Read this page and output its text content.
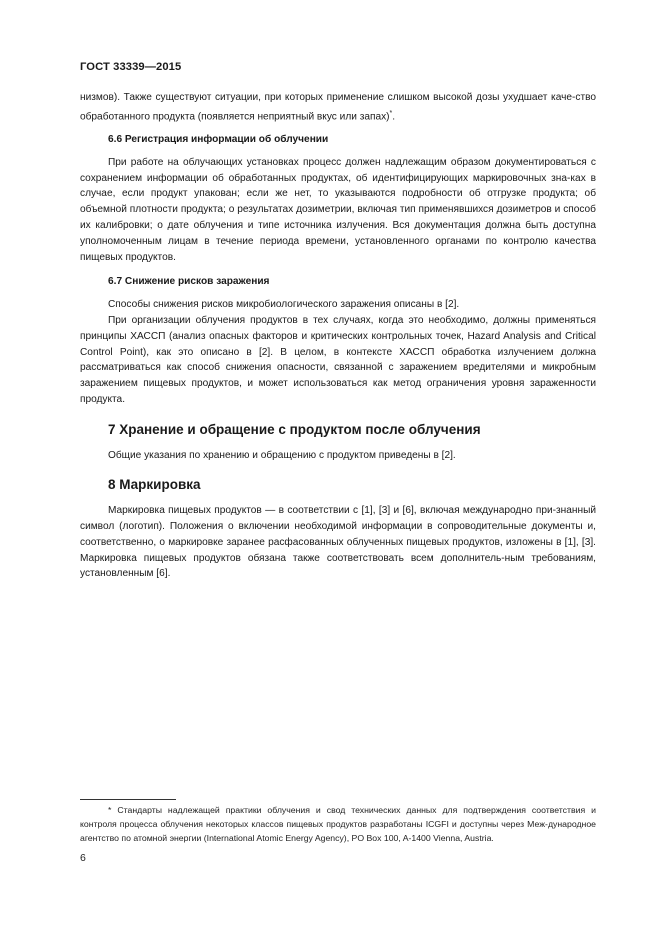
ГОСТ 33339—2015

низмов). Также существуют ситуации, при которых применение слишком высокой дозы ухудшает каче-ство обработанного продукта (появляется неприятный вкус или запах)*.

6.6 Регистрация информации об облучении

При работе на облучающих установках процесс должен надлежащим образом документироваться с сохранением информации об обработанных продуктах, об идентифицирующих маркировочных зна-ках в случае, если продукт упакован; если же нет, то указываются подробности об отгрузке продукта; об объемной плотности продукта; о результатах дозиметрии, включая тип применявшихся дозиметров и способ их калибровки; о дате облучения и типе источника излучения. Вся документация должна быть доступна уполномоченным лицам в течение периода времени, установленного органами по контролю качества пищевых продуктов.

6.7 Снижение рисков заражения

Способы снижения рисков микробиологического заражения описаны в [2].

При организации облучения продуктов в тех случаях, когда это необходимо, должны применяться принципы ХАССП (анализ опасных факторов и критических контрольных точек, Hazard Analysis and Critical Control Point), как это описано в [2]. В целом, в контексте ХАССП обработка излучением должна рассматриваться как способ снижения опасности, связанной с заражением вредителями и микробным заражением пищевых продуктов, и может использоваться как метод ограничения уровня зараженности продукта.

7 Хранение и обращение с продуктом после облучения

Общие указания по хранению и обращению с продуктом приведены в [2].

8 Маркировка

Маркировка пищевых продуктов — в соответствии с [1], [3] и [6], включая международно при-знанный символ (логотип). Положения о включении необходимой информации в сопроводительные документы и, соответственно, о маркировке заранее расфасованных облученных пищевых продуктов, изложены в [1], [3]. Маркировка пищевых продуктов обязана также соответствовать всем дополнитель-ным требованиям, установленным [6].

* Стандарты надлежащей практики облучения и свод технических данных для подтверждения соответствия и контроля процесса облучения некоторых классов пищевых продуктов разработаны ICGFI и доступны через Меж-дународное агентство по атомной энергии (International Atomic Energy Agency), PO Box 100, A-1400 Vienna, Austria.

6
